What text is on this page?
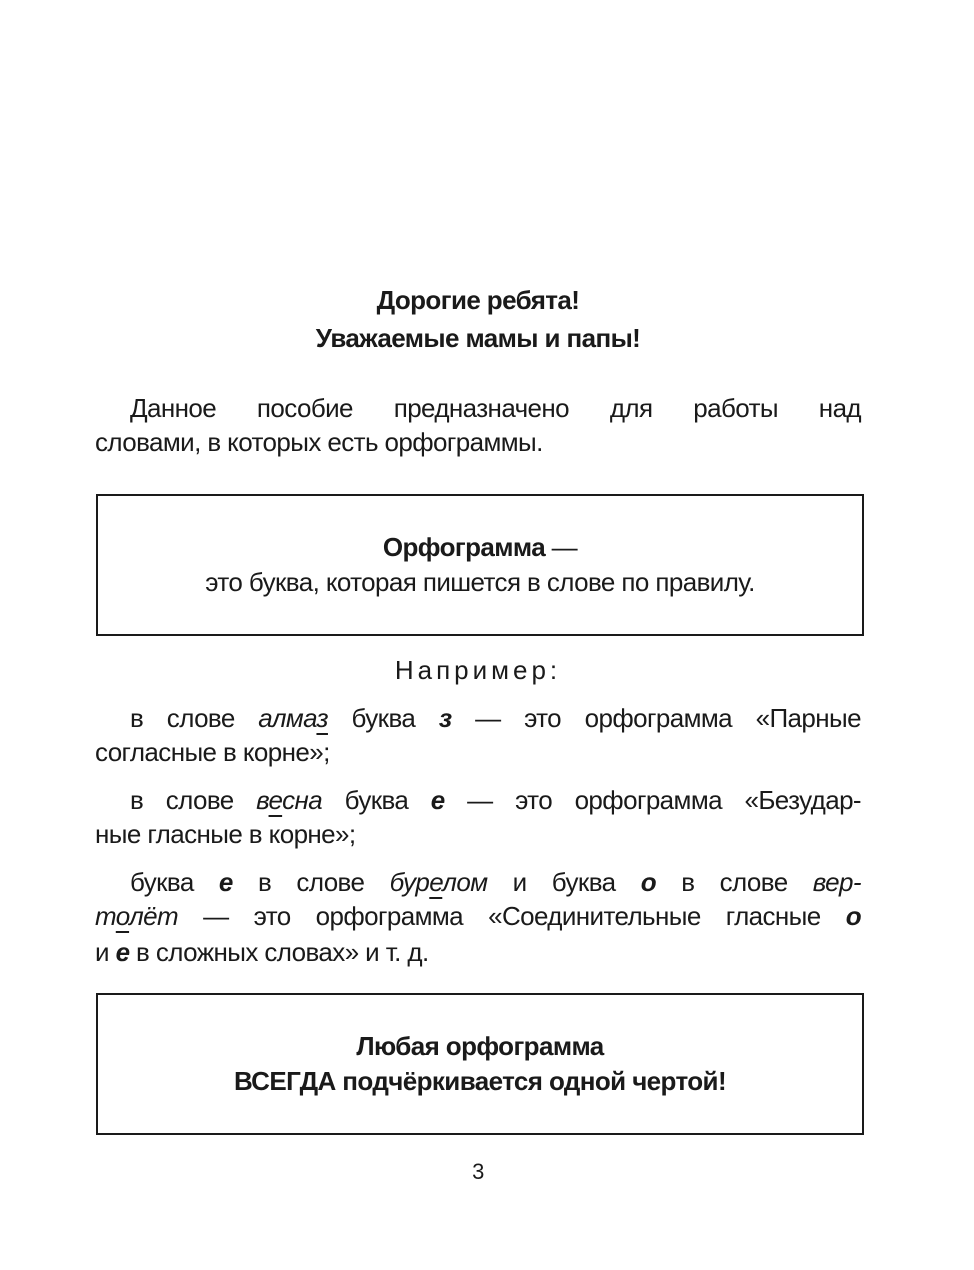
Дорогие ребята!
Уважаемые мамы и папы!
Данное пособие предназначено для работы над
словами, в которых есть орфограммы.
Орфограмма —
это буква, которая пишется в слове по правилу.
Например:
в слове алмаз буква з — это орфограмма «Парные
согласные в корне»;
в слове весна буква е — это орфограмма «Безудар-
ные гласные в корне»;
буква е в слове бурелом и буква о в слове вер-
толёт — это орфограмма «Соединительные гласные о
и е в сложных словах» и т. д.
Любая орфограмма
ВСЕГДА подчёркивается одной чертой!
3
